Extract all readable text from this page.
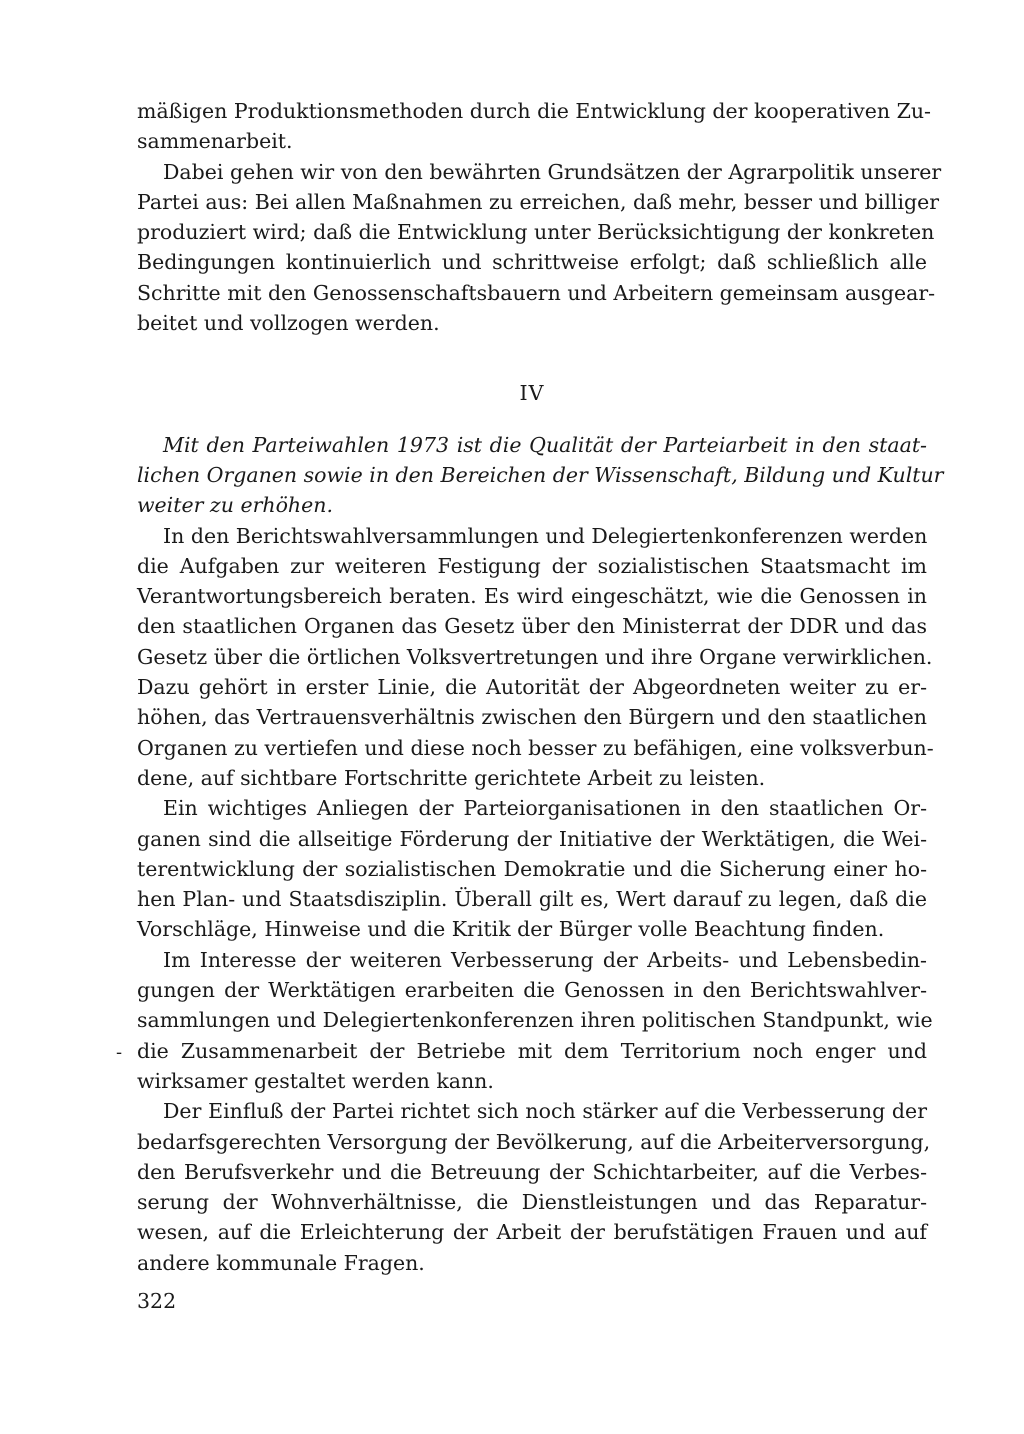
mäßigen Produktionsmethoden durch die Entwicklung der kooperativen Zu-
sammenarbeit.
Dabei gehen wir von den bewährten Grundsätzen der Agrarpolitik unserer
Partei aus: Bei allen Maßnahmen zu erreichen, daß mehr, besser und billiger
produziert wird; daß die Entwicklung unter Berücksichtigung der konkreten
Bedingungen kontinuierlich und schrittweise erfolgt; daß schließlich alle
Schritte mit den Genossenschaftsbauern und Arbeitern gemeinsam ausgear-
beitet und vollzogen werden.
IV
Mit den Parteiwahlen 1973 ist die Qualität der Parteiarbeit in den staat-
lichen Organen sowie in den Bereichen der Wissenschaft, Bildung und Kultur
weiter zu erhöhen.
In den Berichtswahlversammlungen und Delegiertenkonferenzen werden
die Aufgaben zur weiteren Festigung der sozialistischen Staatsmacht im
Verantwortungsbereich beraten. Es wird eingeschätzt, wie die Genossen in
den staatlichen Organen das Gesetz über den Ministerrat der DDR und das
Gesetz über die örtlichen Volksvertretungen und ihre Organe verwirklichen.
Dazu gehört in erster Linie, die Autorität der Abgeordneten weiter zu er-
höhen, das Vertrauensverhältnis zwischen den Bürgern und den staatlichen
Organen zu vertiefen und diese noch besser zu befähigen, eine volksverbun-
dene, auf sichtbare Fortschritte gerichtete Arbeit zu leisten.
Ein wichtiges Anliegen der Parteiorganisationen in den staatlichen Or-
ganen sind die allseitige Förderung der Initiative der Werktätigen, die Wei-
terentwicklung der sozialistischen Demokratie und die Sicherung einer ho-
hen Plan- und Staatsdisziplin. Überall gilt es, Wert darauf zu legen, daß die
Vorschläge, Hinweise und die Kritik der Bürger volle Beachtung finden.
Im Interesse der weiteren Verbesserung der Arbeits- und Lebensbedin-
gungen der Werktätigen erarbeiten die Genossen in den Berichtswahlver-
sammlungen und Delegiertenkonferenzen ihren politischen Standpunkt, wie
die Zusammenarbeit der Betriebe mit dem Territorium noch enger und
wirksamer gestaltet werden kann.
Der Einfluß der Partei richtet sich noch stärker auf die Verbesserung der
bedarfsgerechten Versorgung der Bevölkerung, auf die Arbeiterversorgung,
den Berufsverkehr und die Betreuung der Schichtarbeiter, auf die Verbes-
serung der Wohnverhältnisse, die Dienstleistungen und das Reparatur-
wesen, auf die Erleichterung der Arbeit der berufstätigen Frauen und auf
andere kommunale Fragen.
-
322
